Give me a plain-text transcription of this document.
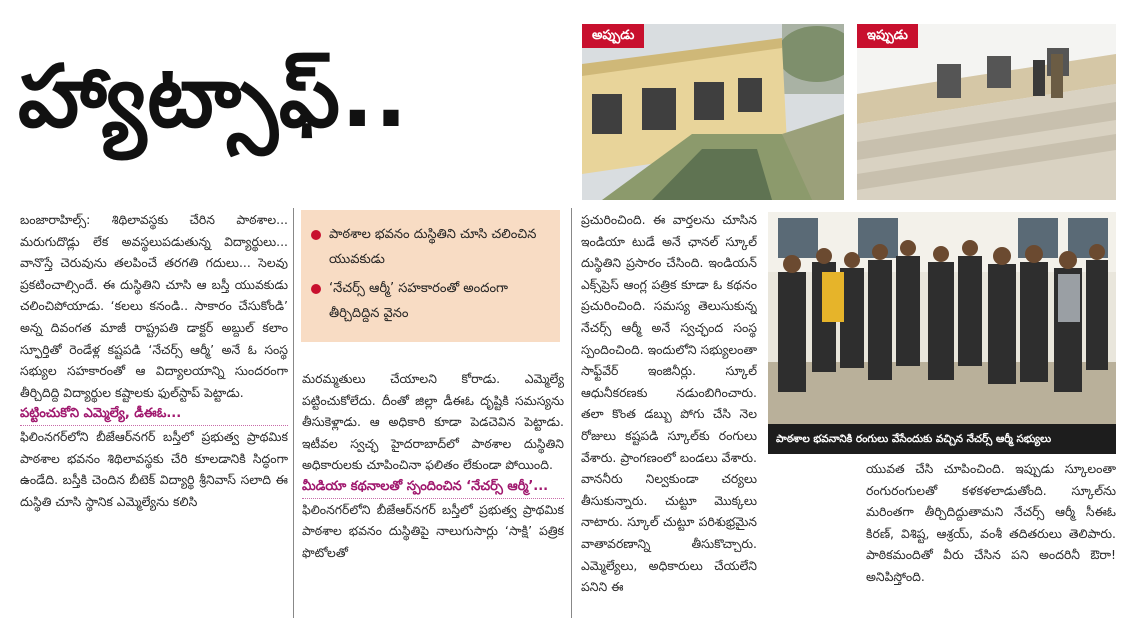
హ్యాట్సాఫ్..
అప్పుడు	ఇప్పుడు
పాఠశాల భవనానికి రంగులు వేసేందుకు వచ్చిన నేచర్స్ ఆర్మీ సభ్యులు
పాఠశాల భవనం దుస్థితిని చూసి చలించిన యువకుడు
‘నేచర్స్ ఆర్మీ’ సహకారంతో అందంగా తీర్చిదిద్దిన వైనం

బంజారాహిల్స్: శిథిలావస్థకు చేరిన పాఠశాల... మరుగుదొడ్లు లేక అవస్థలుపడుతున్న విద్యార్థులు... వానొస్తే చెరువును తలపించే తరగతి గదులు... సెలవు ప్రకటించాల్సిందే. ఈ దుస్థితిని చూసి ఆ బస్తీ యువకుడు చలించిపోయాడు. ‘కలలు కనండి.. సాకారం చేసుకోండి’ అన్న దివంగత మాజీ రాష్ట్రపతి డాక్టర్ అబ్దుల్ కలాం స్ఫూర్తితో రెండేళ్ల కష్టపడి ‘నేచర్స్ ఆర్మీ’ అనే ఓ సంస్థ సభ్యుల సహకారంతో ఆ విద్యాలయాన్ని సుందరంగా తీర్చిదిద్ది విద్యార్థుల కష్టాలకు ఫుల్‌స్టాప్ పెట్టాడు.

పట్టించుకోని ఎమ్మెల్యే, డీఈఓ...

ఫిలింనగర్‌లోని బీజేఆర్‌నగర్ బస్తీలో ప్రభుత్వ ప్రాథమిక పాఠశాల భవనం శిథిలావస్థకు చేరి కూలడానికి సిద్ధంగా ఉండేది. బస్తీకి చెందిన బీటెక్ విద్యార్థి శ్రీనివాస్ సలాది ఈ దుస్థితి చూసి స్థానిక ఎమ్మెల్యేను కలిసి

మరమ్మతులు చేయాలని కోరాడు. ఎమ్మెల్యే పట్టించుకోలేదు. దీంతో జిల్లా డీఈఓ దృష్టికి సమస్యను తీసుకెళ్లాడు. ఆ అధికారి కూడా పెడచెవిన పెట్టాడు. ఇటీవల స్వచ్ఛ హైదరాబాద్‌లో పాఠశాల దుస్థితిని అధికారులకు చూపించినా ఫలితం లేకుండా పోయింది.

మీడియా కథనాలతో స్పందించిన ‘నేచర్స్ ఆర్మీ’...

ఫిలింనగర్‌లోని బీజేఆర్‌నగర్ బస్తీలో ప్రభుత్వ ప్రాథమిక పాఠశాల భవనం దుస్థితిపై నాలుగుసార్లు ‘సాక్షి’ పత్రిక ఫొటోలతో

ప్రచురించింది. ఈ వార్తలను చూసిన ఇండియా టుడే అనే ఛానల్ స్కూల్ దుస్థితిని ప్రసారం చేసింది. ఇండియన్ ఎక్స్‌ప్రెస్ ఆంగ్ల పత్రిక కూడా ఓ కథనం ప్రచురించింది. సమస్య తెలుసుకున్న నేచర్స్ ఆర్మీ అనే స్వచ్ఛంద సంస్థ స్పందించింది. ఇందులోని సభ్యులంతా సాఫ్ట్‌వేర్ ఇంజినీర్లు. స్కూల్ ఆధునీకరణకు నడుంబిగించారు. తలా కొంత డబ్బు పోగు చేసి నెల రోజులు కష్టపడి స్కూల్‌కు రంగులు వేశారు. ప్రాంగణంలో బండలు వేశారు. వాననీరు నిల్వకుండా చర్యలు తీసుకున్నారు. చుట్టూ మొక్కలు నాటారు. స్కూల్ చుట్టూ పరిశుభ్రమైన వాతావరణాన్ని తీసుకొచ్చారు. ఎమ్మెల్యేలు, అధికారులు చేయలేని పనిని ఈ

యువత చేసి చూపించింది. ఇప్పుడు స్కూలంతా రంగురంగులతో కళకళలాడుతోంది. స్కూల్‌ను మరింతగా తీర్చిదిద్దుతామని నేచర్స్ ఆర్మీ సీఈఓ కిరణ్, విశిష్ట, ఆశ్రయ్, వంశీ తదితరులు తెలిపారు. పాఠికమందితో వీరు చేసిన పని అందరినీ ఔరా! అనిపిస్తోంది.
